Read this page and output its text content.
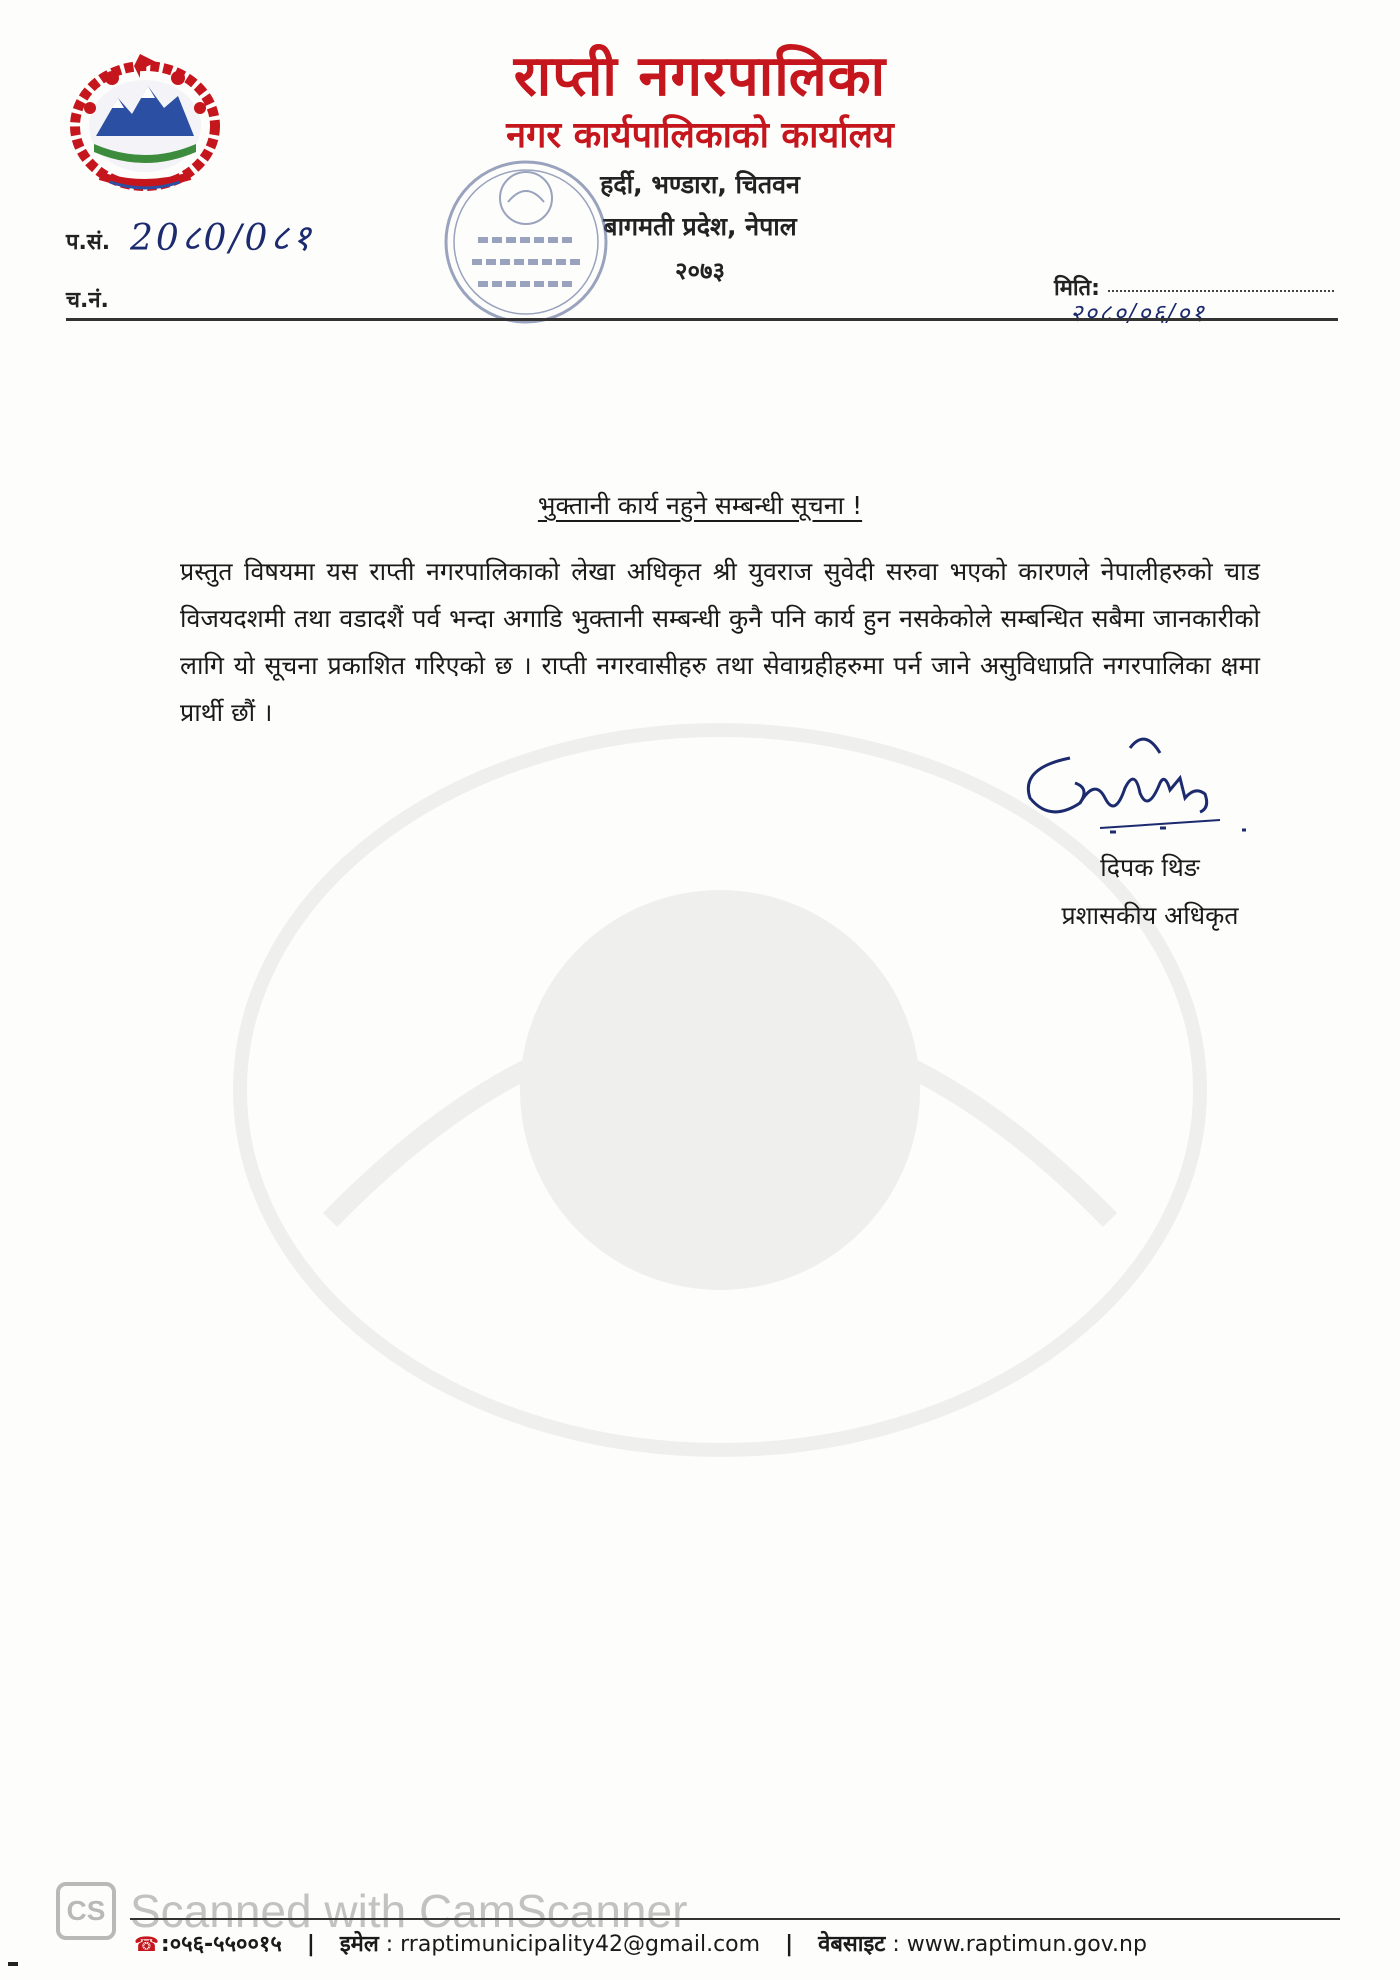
राप्ती नगरपालिका
नगर कार्यपालिकाको कार्यालय
हर्दी, भण्डारा, चितवन
बागमती प्रदेश, नेपाल
२०७३
प.सं. 20८0/0८१
च.नं.	मिति:
२०८०/०६/०१
भुक्तानी कार्य नहुने सम्बन्धी सूचना !
प्रस्तुत विषयमा यस राप्ती नगरपालिकाको लेखा अधिकृत श्री युवराज सुवेदी सरुवा भएको कारणले नेपालीहरुको चाड विजयदशमी तथा वडादशैं पर्व भन्दा अगाडि भुक्तानी सम्बन्धी कुनै पनि कार्य हुन नसकेकोले सम्बन्धित सबैमा जानकारीको लागि यो सूचना प्रकाशित गरिएको छ । राप्ती नगरवासीहरु तथा सेवाग्रहीहरुमा पर्न जाने असुविधाप्रति नगरपालिका क्षमा प्रार्थी छौं ।
दिपक थिङ
प्रशासकीय अधिकृत
CS Scanned with CamScanner
☎:०५६-५५००१५ | इमेल : rraptimunicipality42@gmail.com | वेबसाइट : www.raptimun.gov.np
